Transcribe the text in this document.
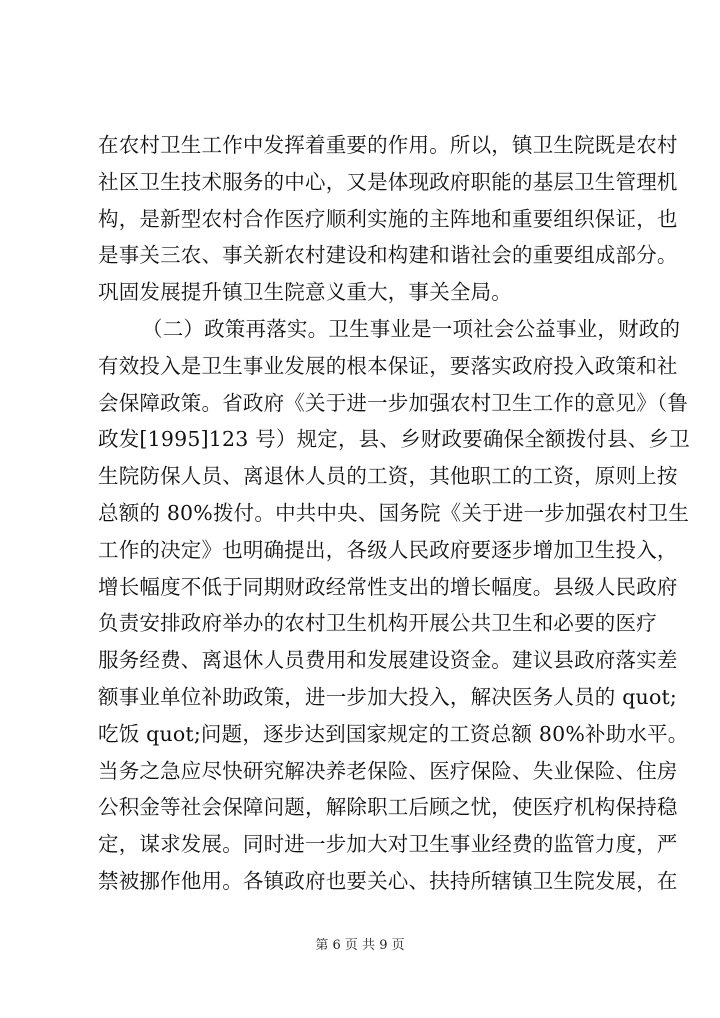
在农村卫生工作中发挥着重要的作用。所以，镇卫生院既是农村
社区卫生技术服务的中心，又是体现政府职能的基层卫生管理机
构，是新型农村合作医疗顺利实施的主阵地和重要组织保证，也
是事关三农、事关新农村建设和构建和谐社会的重要组成部分。
巩固发展提升镇卫生院意义重大，事关全局。
（二）政策再落实。卫生事业是一项社会公益事业，财政的
有效投入是卫生事业发展的根本保证，要落实政府投入政策和社
会保障政策。省政府《关于进一步加强农村卫生工作的意见》（鲁
政发[1995]123 号）规定，县、乡财政要确保全额拨付县、乡卫
生院防保人员、离退休人员的工资，其他职工的工资，原则上按
总额的 80%拨付。中共中央、国务院《关于进一步加强农村卫生
工作的决定》也明确提出，各级人民政府要逐步增加卫生投入，
增长幅度不低于同期财政经常性支出的增长幅度。县级人民政府
负责安排政府举办的农村卫生机构开展公共卫生和必要的医疗
服务经费、离退休人员费用和发展建设资金。建议县政府落实差
额事业单位补助政策，进一步加大投入，解决医务人员的 quot;
吃饭 quot;问题，逐步达到国家规定的工资总额 80%补助水平。
当务之急应尽快研究解决养老保险、医疗保险、失业保险、住房
公积金等社会保障问题，解除职工后顾之忧，使医疗机构保持稳
定，谋求发展。同时进一步加大对卫生事业经费的监管力度，严
禁被挪作他用。各镇政府也要关心、扶持所辖镇卫生院发展，在
第 6 页 共 9 页
